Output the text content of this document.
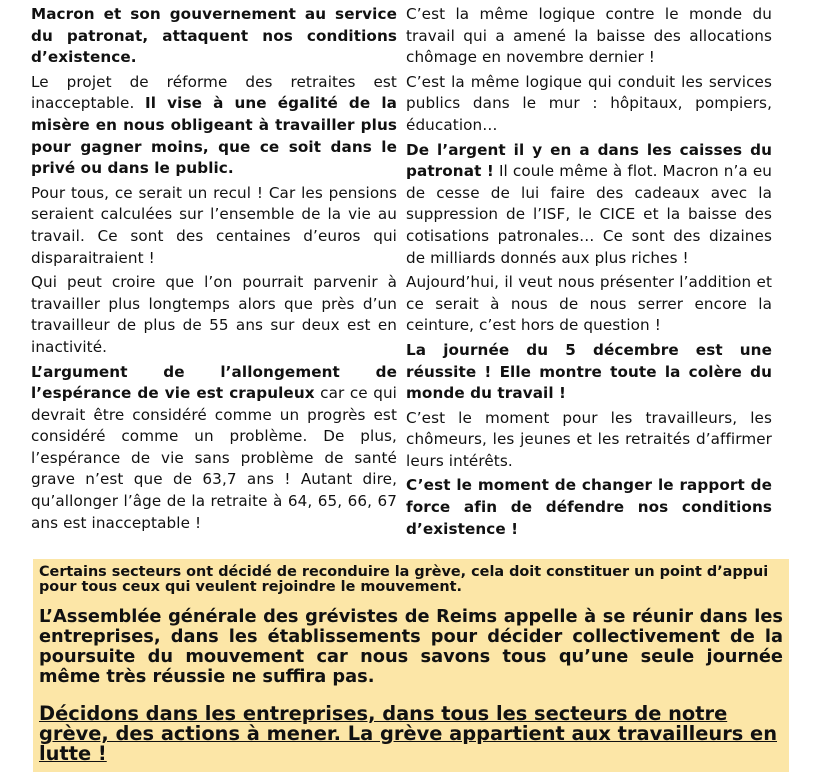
Macron et son gouvernement au service du patronat, attaquent nos conditions d’existence.

Le projet de réforme des retraites est inacceptable. Il vise à une égalité de la misère en nous obligeant à travailler plus pour gagner moins, que ce soit dans le privé ou dans le public.

Pour tous, ce serait un recul ! Car les pensions seraient calculées sur l’ensemble de la vie au travail. Ce sont des centaines d’euros qui disparaitraient !

Qui peut croire que l’on pourrait parvenir à travailler plus longtemps alors que près d’un travailleur de plus de 55 ans sur deux est en inactivité.

L’argument de l’allongement de l’espérance de vie est crapuleux car ce qui devrait être considéré comme un progrès est considéré comme un problème. De plus, l’espérance de vie sans problème de santé grave n’est que de 63,7 ans ! Autant dire, qu’allonger l’âge de la retraite à 64, 65, 66, 67 ans est inacceptable !

C’est la même logique contre le monde du travail qui a amené la baisse des allocations chômage en novembre dernier !

C’est la même logique qui conduit les services publics dans le mur : hôpitaux, pompiers, éducation…

De l’argent il y en a dans les caisses du patronat ! Il coule même à flot. Macron n’a eu de cesse de lui faire des cadeaux avec la suppression de l’ISF, le CICE et la baisse des cotisations patronales… Ce sont des dizaines de milliards donnés aux plus riches !

Aujourd’hui, il veut nous présenter l’addition et ce serait à nous de nous serrer encore la ceinture, c’est hors de question !

La journée du 5 décembre est une réussite ! Elle montre toute la colère du monde du travail !

C’est le moment pour les travailleurs, les chômeurs, les jeunes et les retraités d’affirmer leurs intérêts.

C’est le moment de changer le rapport de force afin de défendre nos conditions d’existence !

Certains secteurs ont décidé de reconduire la grève, cela doit constituer un point d’appui pour tous ceux qui veulent rejoindre le mouvement.

L’Assemblée générale des grévistes de Reims appelle à se réunir dans les entreprises, dans les établissements pour décider collectivement de la poursuite du mouvement car nous savons tous qu’une seule journée même très réussie ne suffira pas.

Décidons dans les entreprises, dans tous les secteurs de notre grève, des actions à mener. La grève appartient aux travailleurs en lutte !
